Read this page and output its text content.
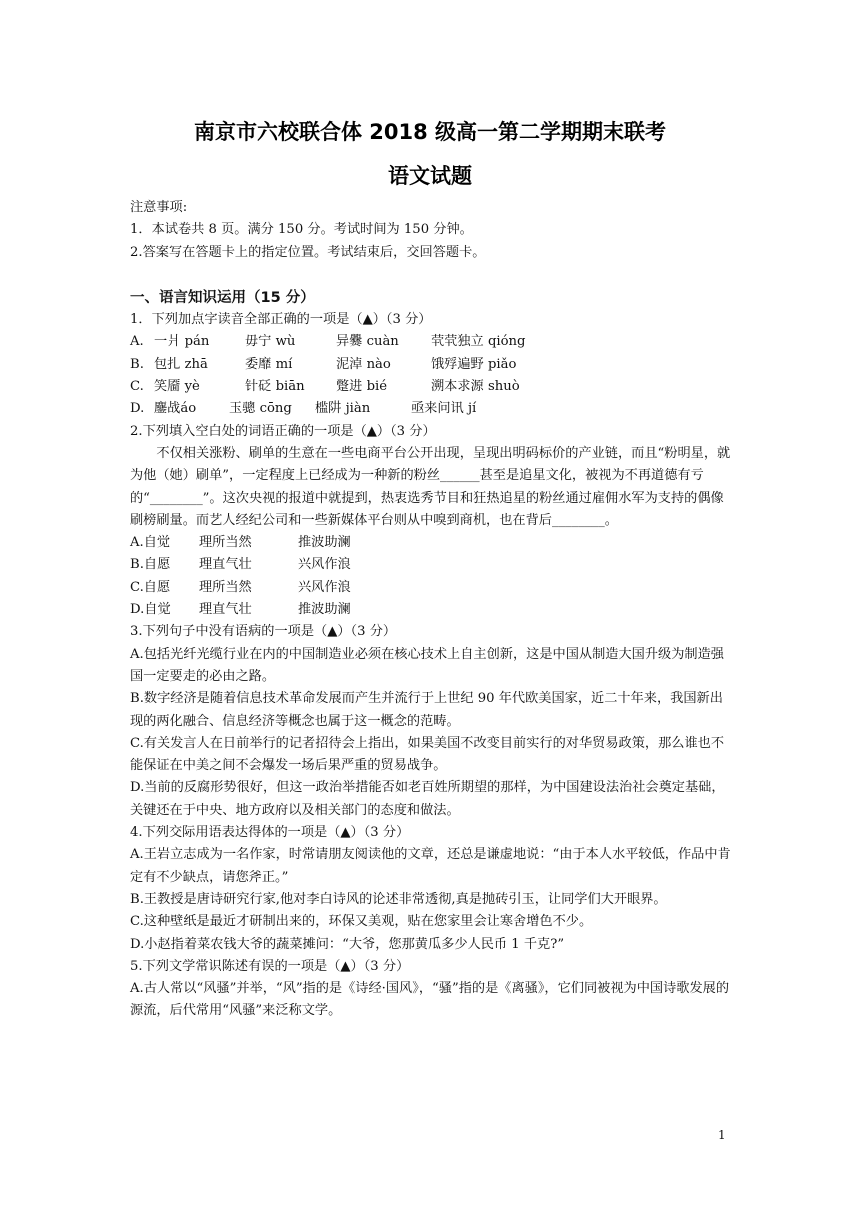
南京市六校联合体 2018 级高一第二学期期末联考
语文试题

注意事项:

1．本试卷共 8 页。满分 150 分。考试时间为 150 分钟。

2.答案写在答题卡上的指定位置。考试结束后，交回答题卡。

一、语言知识运用（15 分）

1．下列加点字读音全部正确的一项是（▲）（3 分）

A. 一爿 pán	毋宁 wù	异爨 cuàn	茕茕独立 qióng
B. 包扎 zhā	委靡 mí	泥淖 nào	饿殍遍野 piǎo
C. 笑靥 yè	针砭 biān	蹩进 bié	溯本求源 shuò
D. 鏖战áo	玉骢 cōng	槛阱 jiàn	亟来问讯 jí

2.下列填入空白处的词语正确的一项是（▲）（3 分）

不仅相关涨粉、刷单的生意在一些电商平台公开出现，呈现出明码标价的产业链，而且“粉明星，就为他（她）刷单”，一定程度上已经成为一种新的粉丝______甚至是追星文化，被视为不再道德有亏的“________”。这次央视的报道中就提到，热衷选秀节目和狂热追星的粉丝通过雇佣水军为支持的偶像刷榜刷量。而艺人经纪公司和一些新媒体平台则从中嗅到商机，也在背后________。

A.自觉	理所当然	推波助澜
B.自愿	理直气壮	兴风作浪
C.自愿	理所当然	兴风作浪
D.自觉	理直气壮	推波助澜

3.下列句子中没有语病的一项是（▲）（3 分）

A.包括光纤光缆行业在内的中国制造业必须在核心技术上自主创新，这是中国从制造大国升级为制造强国一定要走的必由之路。

B.数字经济是随着信息技术革命发展而产生并流行于上世纪 90 年代欧美国家，近二十年来，我国新出现的两化融合、信息经济等概念也属于这一概念的范畴。

C.有关发言人在日前举行的记者招待会上指出，如果美国不改变目前实行的对华贸易政策，那么谁也不能保证在中美之间不会爆发一场后果严重的贸易战争。

D.当前的反腐形势很好，但这一政治举措能否如老百姓所期望的那样，为中国建设法治社会奠定基础，关键还在于中央、地方政府以及相关部门的态度和做法。

4.下列交际用语表达得体的一项是（▲）（3 分）

A.王岩立志成为一名作家，时常请朋友阅读他的文章，还总是谦虚地说：“由于本人水平较低，作品中肯定有不少缺点，请您斧正。”

B.王教授是唐诗研究行家,他对李白诗风的论述非常透彻,真是抛砖引玉，让同学们大开眼界。

C.这种壁纸是最近才研制出来的，环保又美观，贴在您家里会让寒舍增色不少。

D.小赵指着菜农钱大爷的蔬菜摊问：“大爷，您那黄瓜多少人民币 1 千克?”

5.下列文学常识陈述有误的一项是（▲）（3 分）

A.古人常以“风骚”并举，“风”指的是《诗经·国风》，“骚”指的是《离骚》，它们同被视为中国诗歌发展的源流，后代常用“风骚”来泛称文学。

1
